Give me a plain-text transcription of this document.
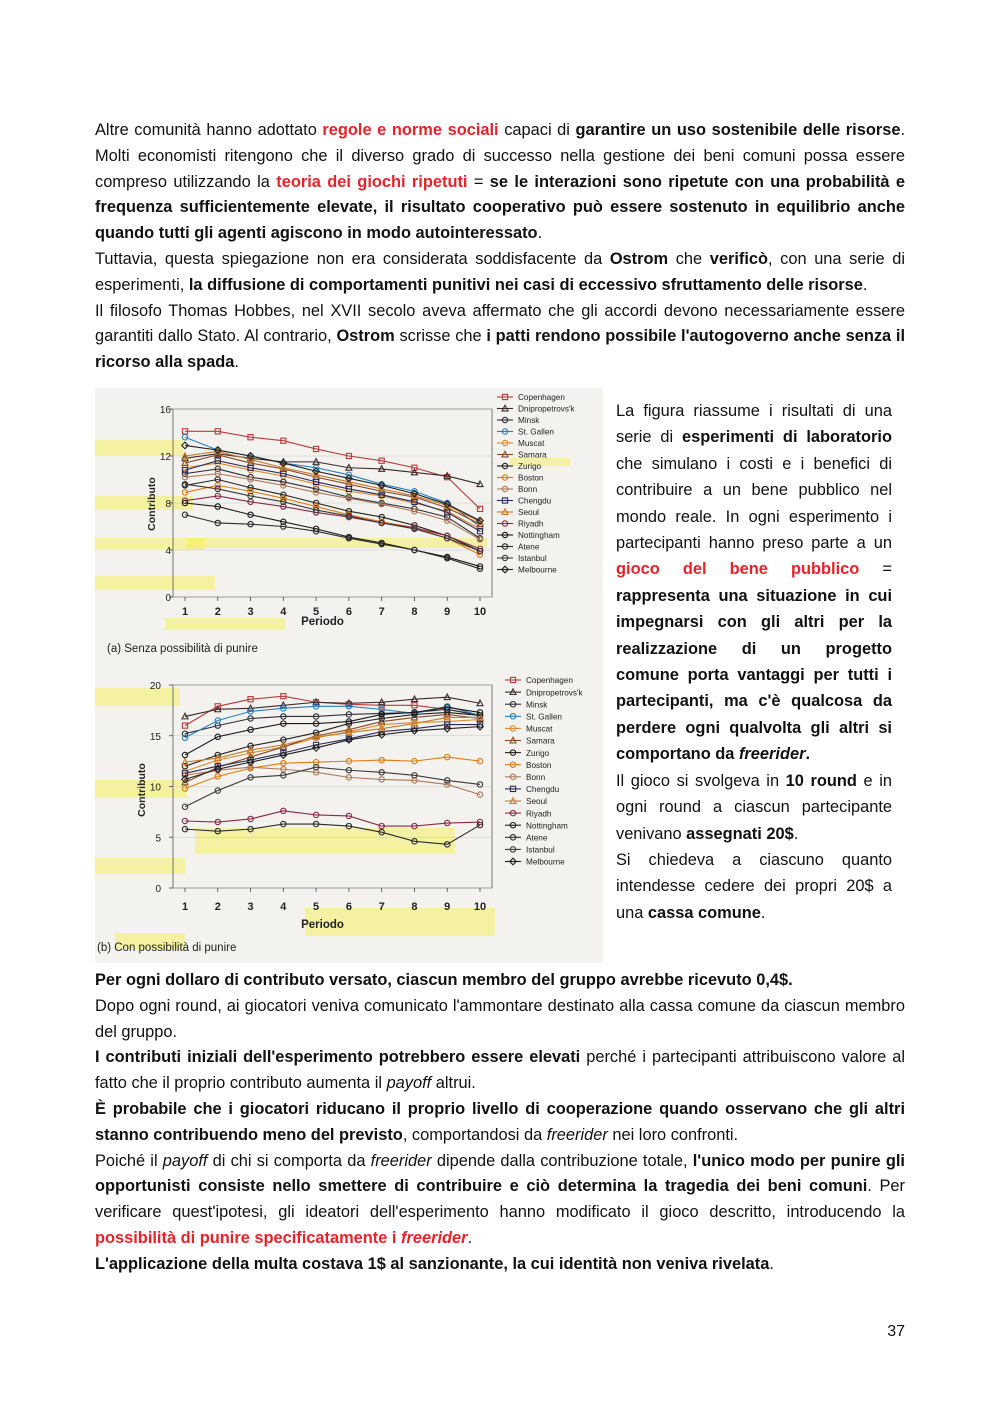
Altre comunità hanno adottato regole e norme sociali capaci di garantire un uso sostenibile delle risorse. Molti economisti ritengono che il diverso grado di successo nella gestione dei beni comuni possa essere compreso utilizzando la teoria dei giochi ripetuti = se le interazioni sono ripetute con una probabilità e frequenza sufficientemente elevate, il risultato cooperativo può essere sostenuto in equilibrio anche quando tutti gli agenti agiscono in modo autointeressato.

Tuttavia, questa spiegazione non era considerata soddisfacente da Ostrom che verificò, con una serie di esperimenti, la diffusione di comportamenti punitivi nei casi di eccessivo sfruttamento delle risorse.

Il filosofo Thomas Hobbes, nel XVII secolo aveva affermato che gli accordi devono necessariamente essere garantiti dallo Stato. Al contrario, Ostrom scrisse che i patti rendono possibile l'autogoverno anche senza il ricorso alla spada.

0
4
8
12
16
1 2 3 4 5 6 7 8 9 10
Periodo
Contributo
(a) Senza possibilità di punire
Copenhagen
Dnipropetrovs'k
Minsk
St. Gallen
Muscat
Samara
Zurigo
Boston
Bonn
Chengdu
Seoul
Riyadh
Nottingham
Atene
Istanbul
Melbourne
0
5
10
15
20
1 2 3 4 5 6 7 8 9 10
Periodo
Contributo
(b) Con possibilità di punire
Copenhagen
Dnipropetrovs'k
Minsk
St. Gallen
Muscat
Samara
Zurigo
Boston
Bonn
Chengdu
Seoul
Riyadh
Nottingham
Atene
Istanbul
Melbourne

La figura riassume i risultati di una serie di esperimenti di laboratorio che simulano i costi e i benefici di contribuire a un bene pubblico nel mondo reale. In ogni esperimento i partecipanti hanno preso parte a un gioco del bene pubblico = rappresenta una situazione in cui impegnarsi con gli altri per la realizzazione di un progetto comune porta vantaggi per tutti i partecipanti, ma c'è qualcosa da perdere ogni qualvolta gli altri si comportano da freerider.

Il gioco si svolgeva in 10 round e in ogni round a ciascun partecipante venivano assegnati 20$.

Si chiedeva a ciascuno quanto intendesse cedere dei propri 20$ a una cassa comune.

Per ogni dollaro di contributo versato, ciascun membro del gruppo avrebbe ricevuto 0,4$.

Dopo ogni round, ai giocatori veniva comunicato l'ammontare destinato alla cassa comune da ciascun membro del gruppo.

I contributi iniziali dell'esperimento potrebbero essere elevati perché i partecipanti attribuiscono valore al fatto che il proprio contributo aumenta il payoff altrui.

È probabile che i giocatori riducano il proprio livello di cooperazione quando osservano che gli altri stanno contribuendo meno del previsto, comportandosi da freerider nei loro confronti.

Poiché il payoff di chi si comporta da freerider dipende dalla contribuzione totale, l'unico modo per punire gli opportunisti consiste nello smettere di contribuire e ciò determina la tragedia dei beni comuni. Per verificare quest'ipotesi, gli ideatori dell'esperimento hanno modificato il gioco descritto, introducendo la possibilità di punire specificatamente i freerider.

L'applicazione della multa costava 1$ al sanzionante, la cui identità non veniva rivelata.

37
